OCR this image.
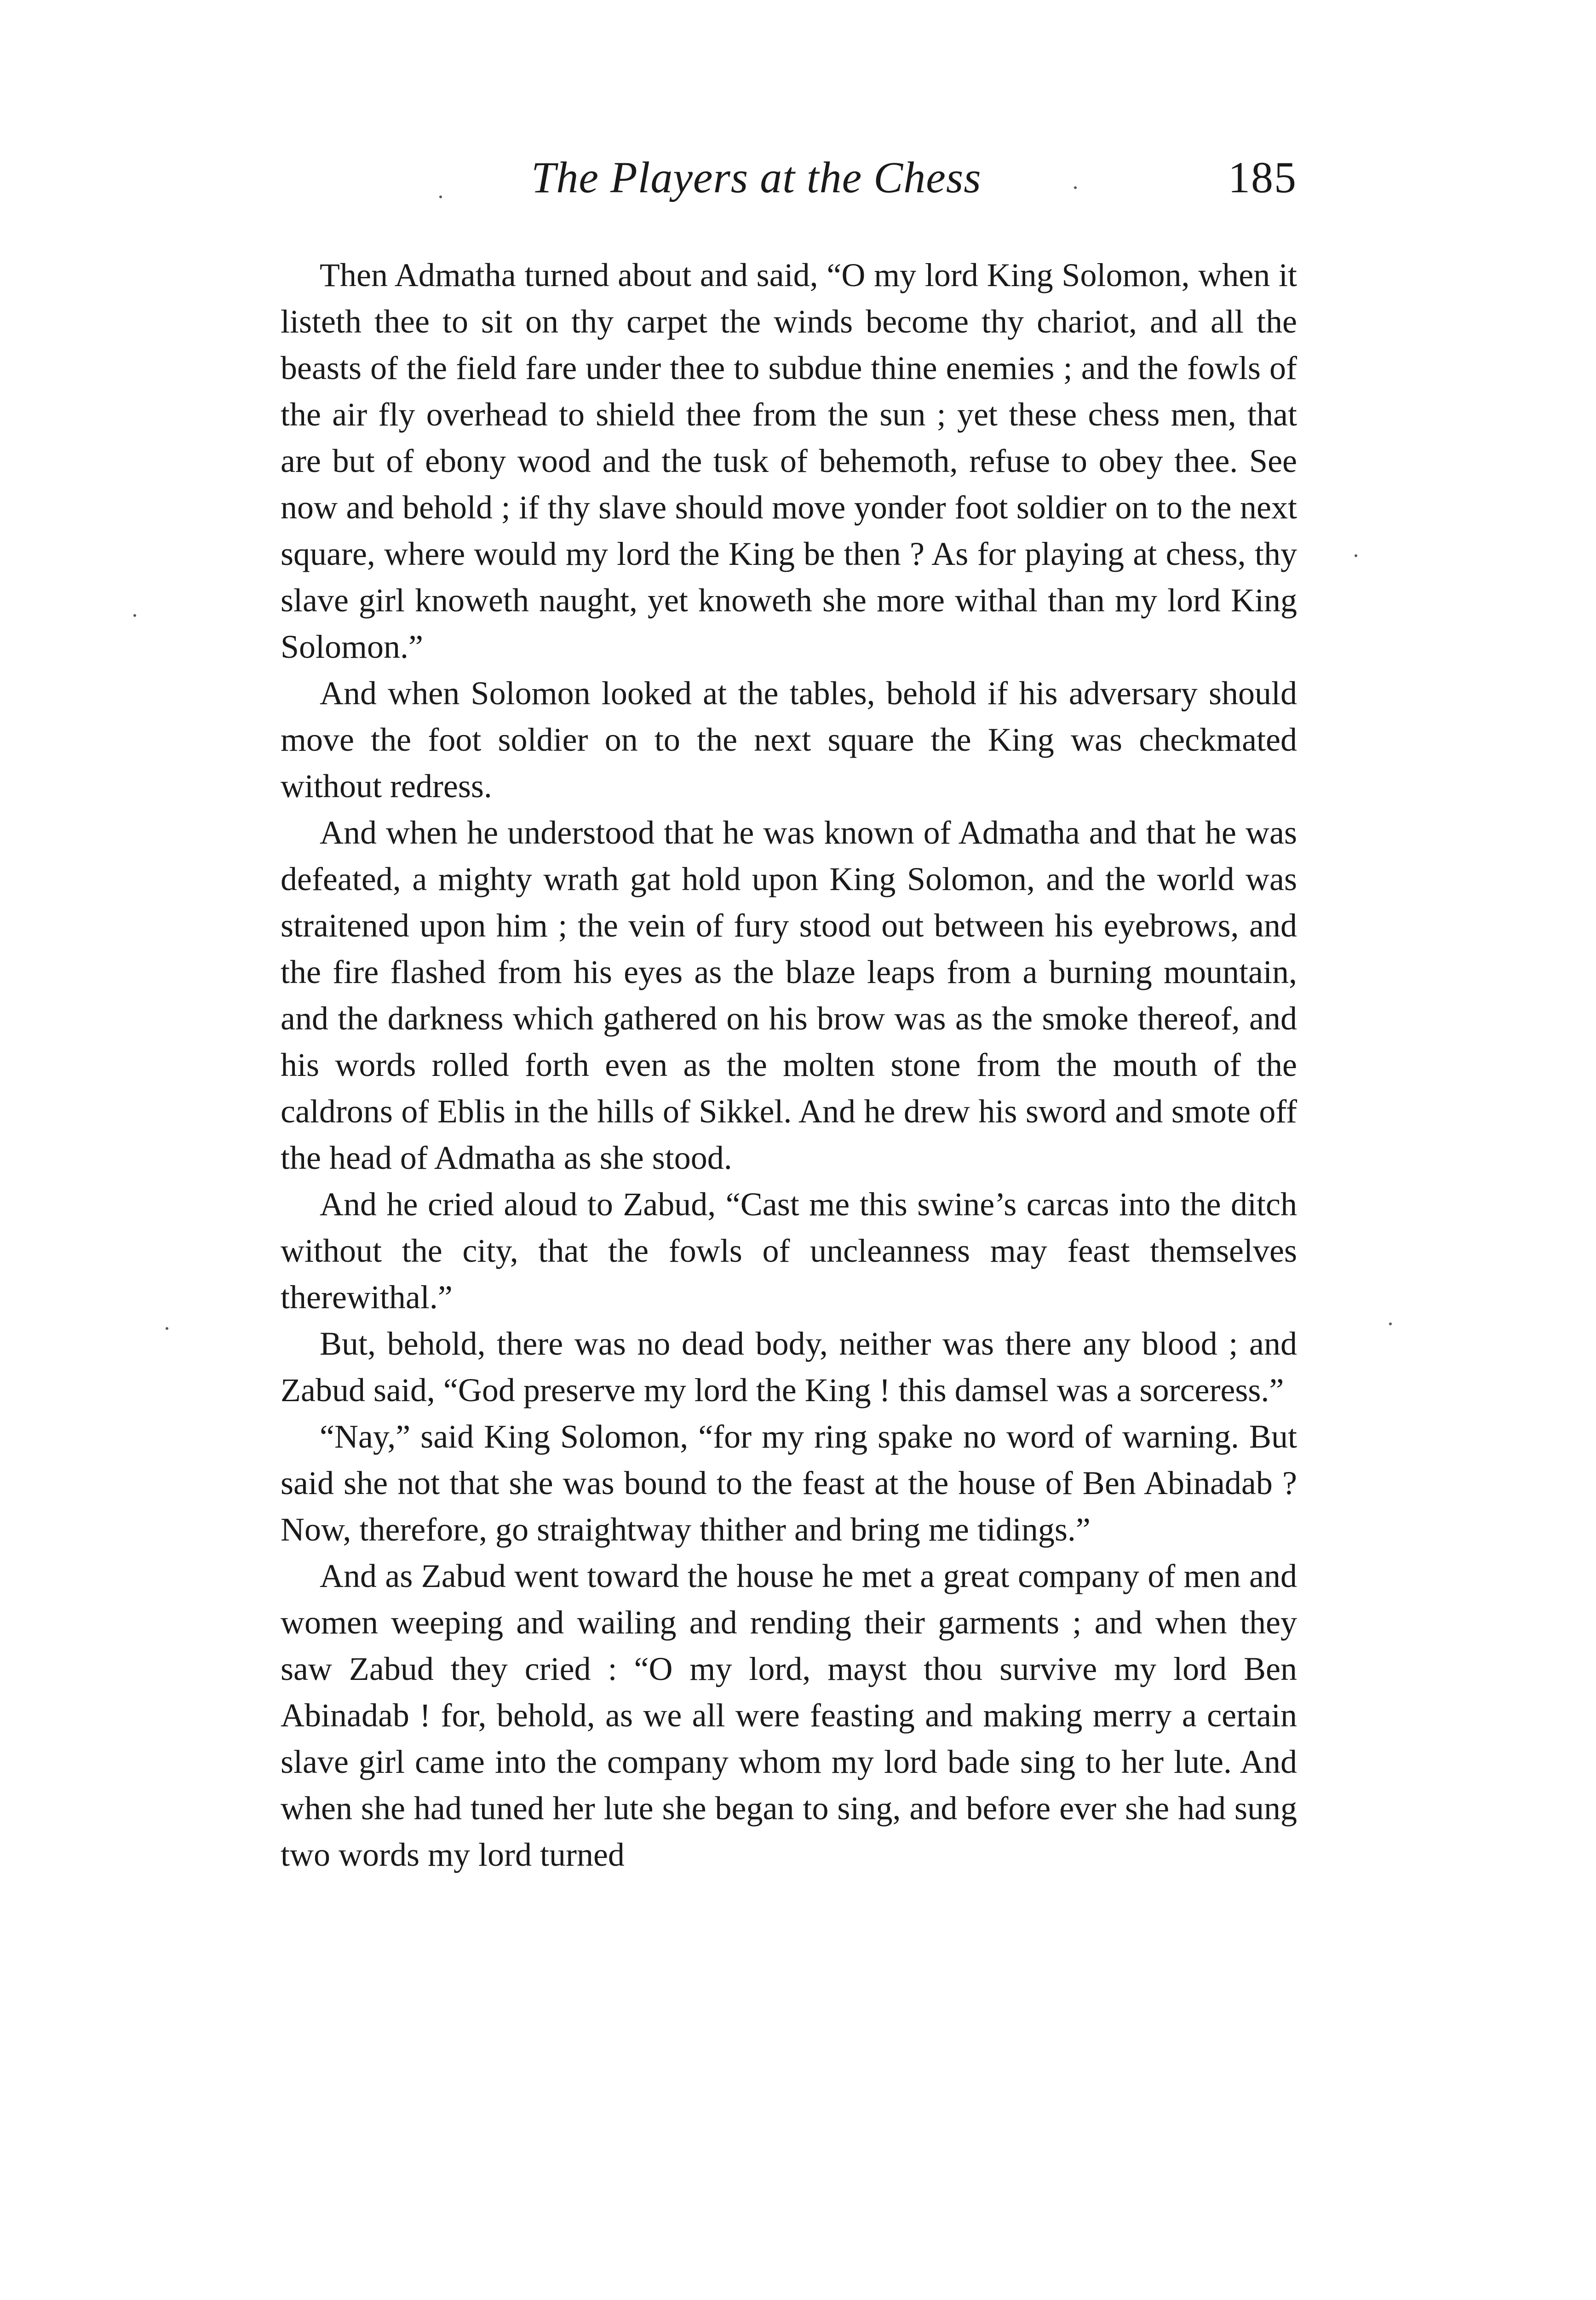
The Players at the Chess	185

Then Admatha turned about and said, “O my lord King Solomon, when it listeth thee to sit on thy carpet the winds become thy chariot, and all the beasts of the field fare under thee to subdue thine enemies ; and the fowls of the air fly overhead to shield thee from the sun ; yet these chess men, that are but of ebony wood and the tusk of behemoth, refuse to obey thee. See now and behold ; if thy slave should move yonder foot soldier on to the next square, where would my lord the King be then ? As for playing at chess, thy slave girl knoweth naught, yet knoweth she more withal than my lord King Solomon.”

And when Solomon looked at the tables, behold if his adversary should move the foot soldier on to the next square the King was checkmated without redress.

And when he understood that he was known of Admatha and that he was defeated, a mighty wrath gat hold upon King Solomon, and the world was straitened upon him ; the vein of fury stood out between his eyebrows, and the fire flashed from his eyes as the blaze leaps from a burning mountain, and the darkness which gathered on his brow was as the smoke thereof, and his words rolled forth even as the molten stone from the mouth of the caldrons of Eblis in the hills of Sikkel. And he drew his sword and smote off the head of Admatha as she stood.

And he cried aloud to Zabud, “Cast me this swine’s carcas into the ditch without the city, that the fowls of uncleanness may feast themselves therewithal.”

But, behold, there was no dead body, neither was there any blood ; and Zabud said, “God preserve my lord the King ! this damsel was a sorceress.”

“Nay,” said King Solomon, “for my ring spake no word of warning. But said she not that she was bound to the feast at the house of Ben Abinadab ? Now, therefore, go straightway thither and bring me tidings.”

And as Zabud went toward the house he met a great company of men and women weeping and wailing and rending their garments ; and when they saw Zabud they cried : “O my lord, mayst thou survive my lord Ben Abinadab ! for, behold, as we all were feasting and making merry a certain slave girl came into the company whom my lord bade sing to her lute. And when she had tuned her lute she began to sing, and before ever she had sung two words my lord turned
